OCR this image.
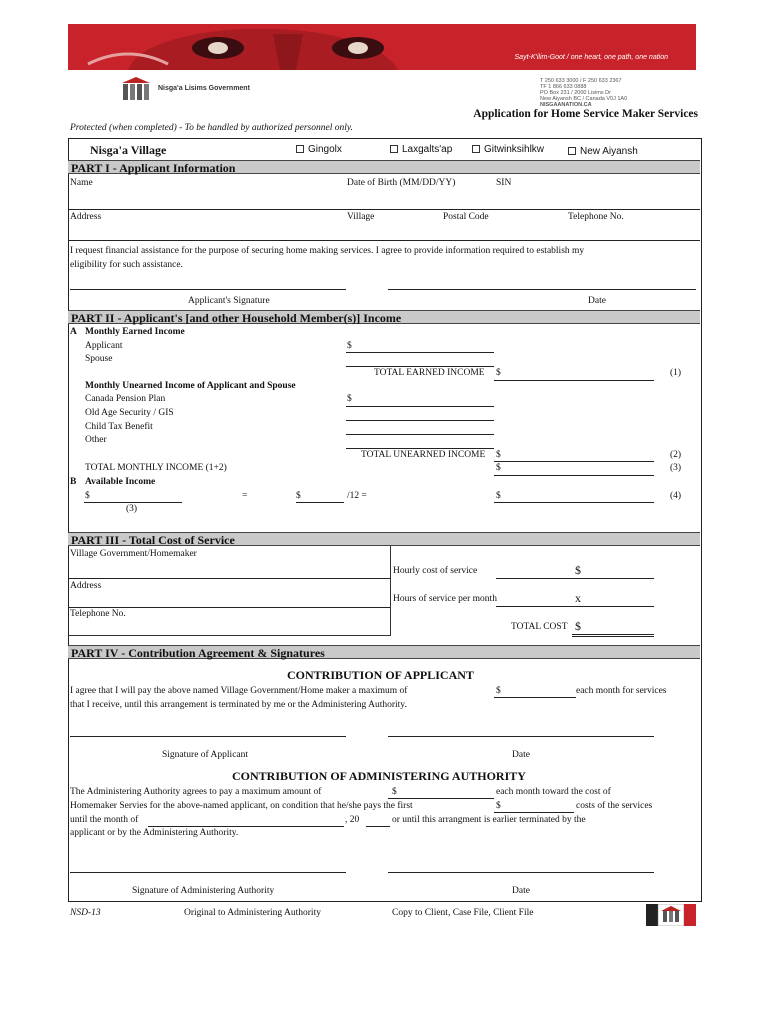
Sayt-K'ilim-Goot / one heart, one path, one nation
Nisga'a Lisims Government
T 250 633 3000 / F 250 633 2367
TF 1 866 633 0888
PO Box 231 / 2000 Lisims Dr
New Aiyansh BC / Canada V0J 1A0
NISGAANATION.CA
Application for Home Service Maker Services
Protected (when completed) - To be handled by authorized personnel only.
Nisga'a Village	Gingolx	Laxgalts'ap	Gitwinksihlkw	New Aiyansh
PART I - Applicant Information
Name	Date of Birth (MM/DD/YY)	SIN
Address	Village	Postal Code	Telephone No.
I request financial assistance for the purpose of securing home making services. I agree to provide information required to establish my
eligibility for such assistance.
Applicant's Signature	Date
PART II - Applicant's [and other Household Member(s)] Income
A Monthly Earned Income
Applicant	$
Spouse
TOTAL EARNED INCOME $	(1)
Monthly Unearned Income of Applicant and Spouse
Canada Pension Plan	$
Old Age Security / GIS
Child Tax Benefit
Other
TOTAL UNEARNED INCOME $	(2)
TOTAL MONTHLY INCOME (1+2)	$	(3)
B Available Income
$	=	$	/12 =	$	(4)
(3)
PART III - Total Cost of Service
Village Government/Homemaker
Address
Telephone No.
Hourly cost of service	$
Hours of service per month	x
TOTAL COST $
PART IV - Contribution Agreement & Signatures
CONTRIBUTION OF APPLICANT
I agree that I will pay the above named Village Government/Home maker a maximum of	$	each month for services
that I receive, until this arrangement is terminated by me or the Administering Authority.
Signature of Applicant	Date
CONTRIBUTION OF ADMINISTERING AUTHORITY
The Administering Authority agrees to pay a maximum amount of	$	each month toward the cost of
Homemaker Servies for the above-named applicant, on condition that he/she pays the first	$	costs of the services
until the month of	, 20	or until this arrangment is earlier terminated by the
applicant or by the Administering Authority.
Signature of Administering Authority	Date
NSD-13	Original to Administering Authority	Copy to Client, Case File, Client File
